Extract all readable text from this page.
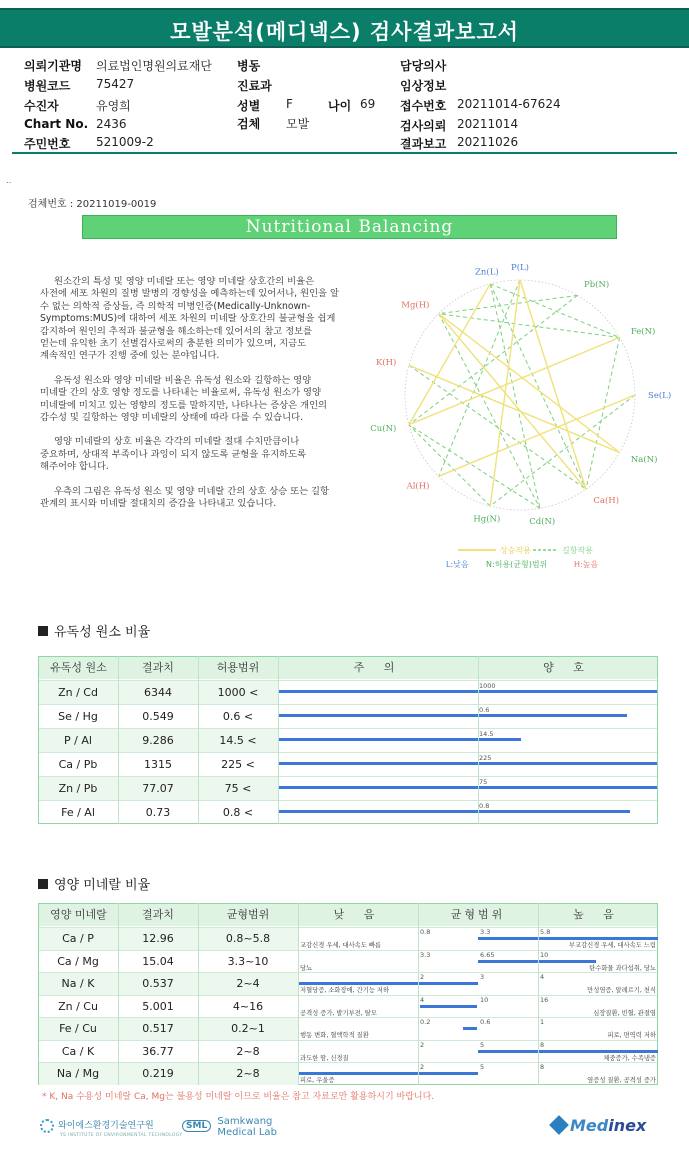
모발분석(메디넥스) 검사결과보고서
의뢰기관명 의료법인명원의료재단
병원코드 75427
수진자	유영희
Chart No. 2436
주민번호 521009-2
병동
진료과
성별 F	나이 69
검체 모발
담당의사
임상정보
접수번호 20211014-67624
검사의뢰 20211014
결과보고 20211026
‥
검체번호 : 20211019-0019
Nutritional Balancing

원소간의 특성 및 영양 미네랄 또는 영양 미네랄 상호간의 비율은 사전에 세포 차원의 질병 발병의 경향성을 예측하는데 있어서나, 원인을 알 수 없는 의학적 증상들, 즉 의학적 미병인증(Medically-Unknown-Symptoms:MUS)에 대하여 세포 차원의 미네랄 상호간의 불균형을 쉽게 감지하여 원인의 추적과 불균형을 해소하는데 있어서의 참고 정보를 얻는데 유익한 초기 선별검사로써의 충분한 의미가 있으며, 지금도 계속적인 연구가 진행 중에 있는 분야입니다.

유독성 원소와 영양 미네랄 비율은 유독성 원소와 길항하는 영양 미네랄 간의 상호 영향 정도를 나타내는 비율로써, 유독성 원소가 영양 미네랄에 미치고 있는 영향의 정도를 말하지만, 나타나는 증상은 개인의 감수성 및 길항하는 영양 미네랄의 상태에 따라 다를 수 있습니다.

영양 미네랄의 상호 비율은 각각의 미네랄 절대 수치만큼이나 중요하며, 상대적 부족이나 과잉이 되지 않도록 균형을 유지하도록 해주어야 합니다.

우측의 그림은 유독성 원소 및 영양 미네랄 간의 상호 상승 또는 길항 관계의 표시와 미네랄 절대치의 증감을 나타내고 있습니다.

P(L)
Pb(N)
Fe(N)
Se(L)
Na(N)
Ca(H)
Cd(N)
Hg(N)
Al(H)
Cu(N)
K(H)
Mg(H)
Zn(L)
상승작용	길항작용
L:낮음 N:허용(균형)범위	H:높음
유독성 원소 비율
유독성 원소	결과치	허용범위	주 의	양 호
Zn / Cd	6344	1000 <	1000
Se / Hg	0.549	0.6 <	0.6
P / Al	9.286	14.5 <	14.5
Ca / Pb	1315	225 <	225
Zn / Pb	77.07	75 <	75
Fe / Al	0.73	0.8 <	0.8
영양 미네랄 비율
영양 미네랄	결과치	균형범위	낮 음	균형범위	높 음
Ca / P	12.96	0.8~5.8	0.8	3.3	5.8
교감신경 우세, 대사속도 빠름	부교감신경 우세, 대사속도 느림
Ca / Mg	15.04	3.3~10	3.3	6.65	10
당뇨	탄수화물 과다섭취, 당뇨
Na / K	0.537	2~4	2	3	4
저혈당증, 소화장애, 간기능 저하	만성염증, 알레르기, 천식
Zn / Cu	5.001	4~16	4	10	16
공격성 증가, 발기부전, 탈모	심장질환, 빈혈, 관절염
Fe / Cu	0.517	0.2~1	0.2	0.6	1
행동 변화, 혈액학적 질환	피로, 면역력 저하
Ca / K	36.77	2~8	2	5	8
과도한 땀, 신경질	체중증가, 수족냉증
Na / Mg	0.219	2~8	2	5	8
피로, 우울증	염증성 질환, 공격성 증가
* K, Na 수용성 미네랄 Ca, Mg는 불용성 미네랄 이므로 비율은 참고 자료로만 활용하시기 바랍니다.
와이에스환경기술연구원
YS INSTITUTE OF ENVIRONMENTAL TECHNOLOGY
SML Samkwang
Medical Lab	Medinex
